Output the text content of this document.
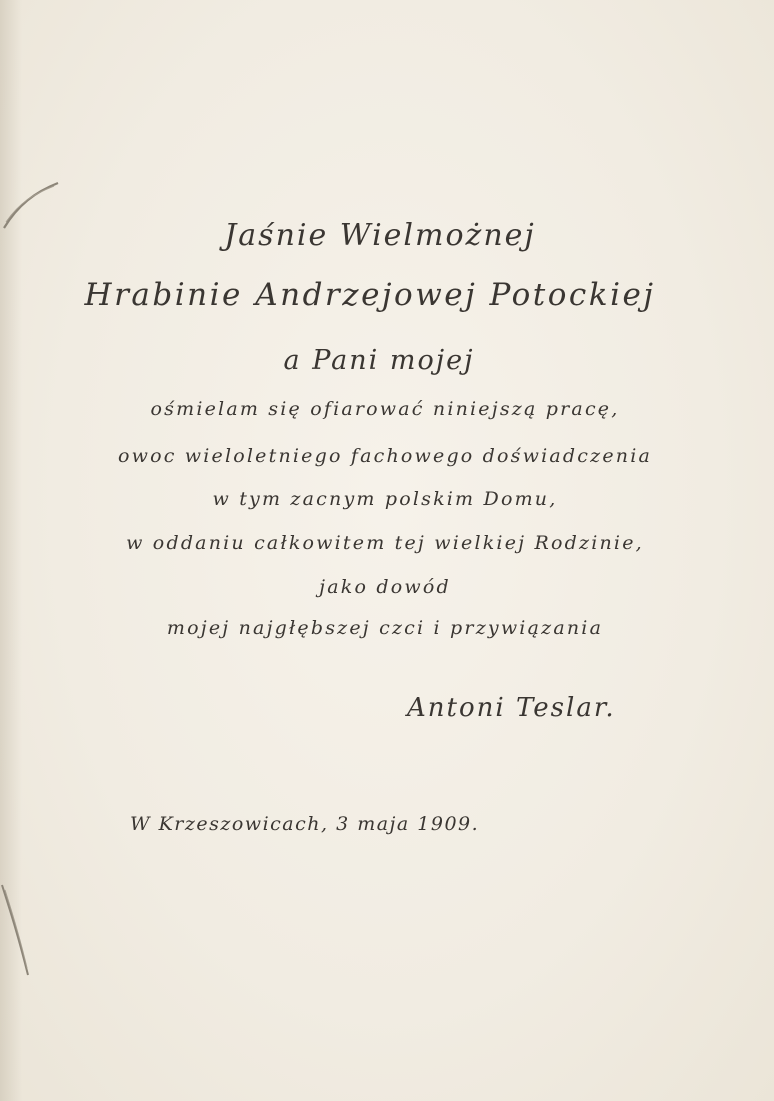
Jaśnie Wielmożnej
Hrabinie Andrzejowej Potockiej
a Pani mojej
ośmielam się ofiarować niniejszą pracę,
owoc wieloletniego fachowego doświadczenia
w tym zacnym polskim Domu,
w oddaniu całkowitem tej wielkiej Rodzinie,
jako dowód
mojej najgłębszej czci i przywiązania
Antoni Teslar.
W Krzeszowicach, 3 maja 1909.
